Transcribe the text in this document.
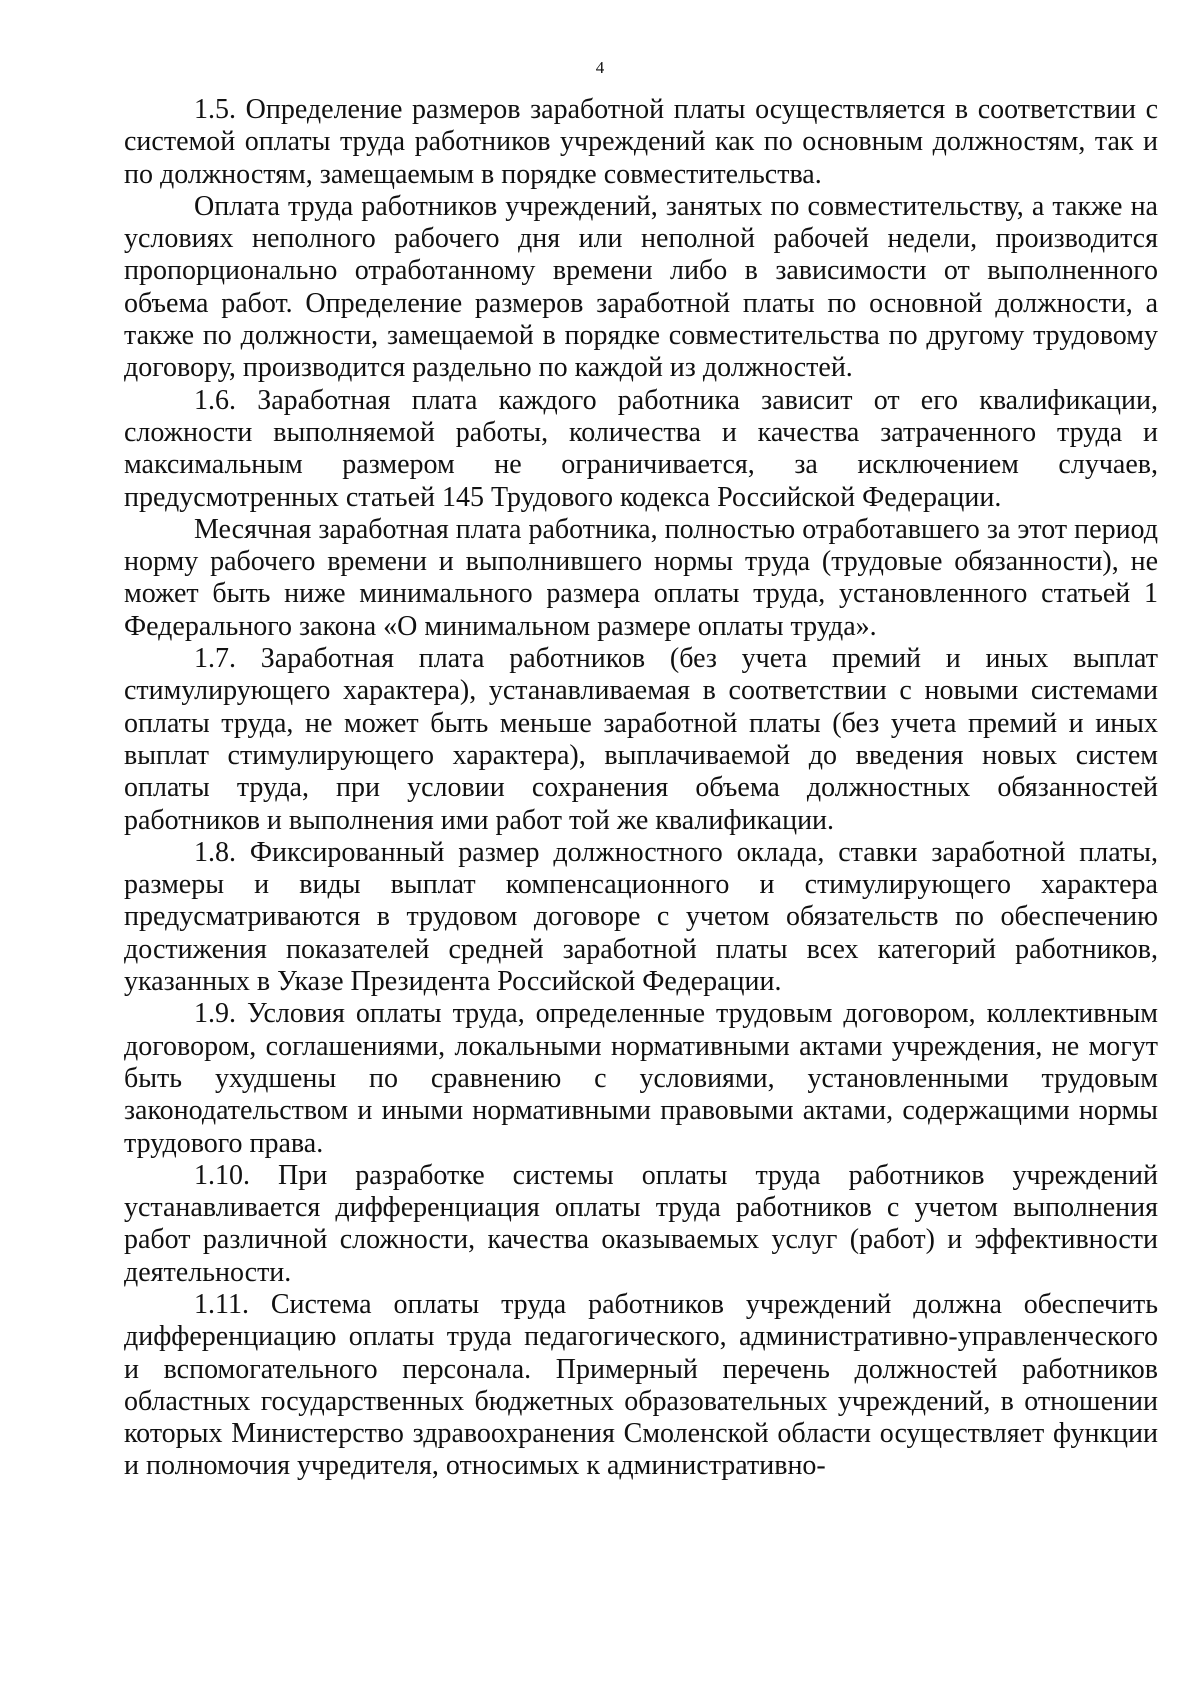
4

1.5. Определение размеров заработной платы осуществляется в соответствии с системой оплаты труда работников учреждений как по основным должностям, так и по должностям, замещаемым в порядке совместительства.

Оплата труда работников учреждений, занятых по совместительству, а также на условиях неполного рабочего дня или неполной рабочей недели, производится пропорционально отработанному времени либо в зависимости от выполненного объема работ. Определение размеров заработной платы по основной должности, а также по должности, замещаемой в порядке совместительства по другому трудовому договору, производится раздельно по каждой из должностей.

1.6. Заработная плата каждого работника зависит от его квалификации, сложности выполняемой работы, количества и качества затраченного труда и максимальным размером не ограничивается, за исключением случаев, предусмотренных статьей 145 Трудового кодекса Российской Федерации.

Месячная заработная плата работника, полностью отработавшего за этот период норму рабочего времени и выполнившего нормы труда (трудовые обязанности), не может быть ниже минимального размера оплаты труда, установленного статьей 1 Федерального закона «О минимальном размере оплаты труда».

1.7. Заработная плата работников (без учета премий и иных выплат стимулирующего характера), устанавливаемая в соответствии с новыми системами оплаты труда, не может быть меньше заработной платы (без учета премий и иных выплат стимулирующего характера), выплачиваемой до введения новых систем оплаты труда, при условии сохранения объема должностных обязанностей работников и выполнения ими работ той же квалификации.

1.8. Фиксированный размер должностного оклада, ставки заработной платы, размеры и виды выплат компенсационного и стимулирующего характера предусматриваются в трудовом договоре с учетом обязательств по обеспечению достижения показателей средней заработной платы всех категорий работников, указанных в Указе Президента Российской Федерации.

1.9. Условия оплаты труда, определенные трудовым договором, коллективным договором, соглашениями, локальными нормативными актами учреждения, не могут быть ухудшены по сравнению с условиями, установленными трудовым законодательством и иными нормативными правовыми актами, содержащими нормы трудового права.

1.10. При разработке системы оплаты труда работников учреждений устанавливается дифференциация оплаты труда работников с учетом выполнения работ различной сложности, качества оказываемых услуг (работ) и эффективности деятельности.

1.11. Система оплаты труда работников учреждений должна обеспечить дифференциацию оплаты труда педагогического, административно-управленческого и вспомогательного персонала. Примерный перечень должностей работников областных государственных бюджетных образовательных учреждений, в отношении которых Министерство здравоохранения Смоленской области осуществляет функции и полномочия учредителя, относимых к административно-
